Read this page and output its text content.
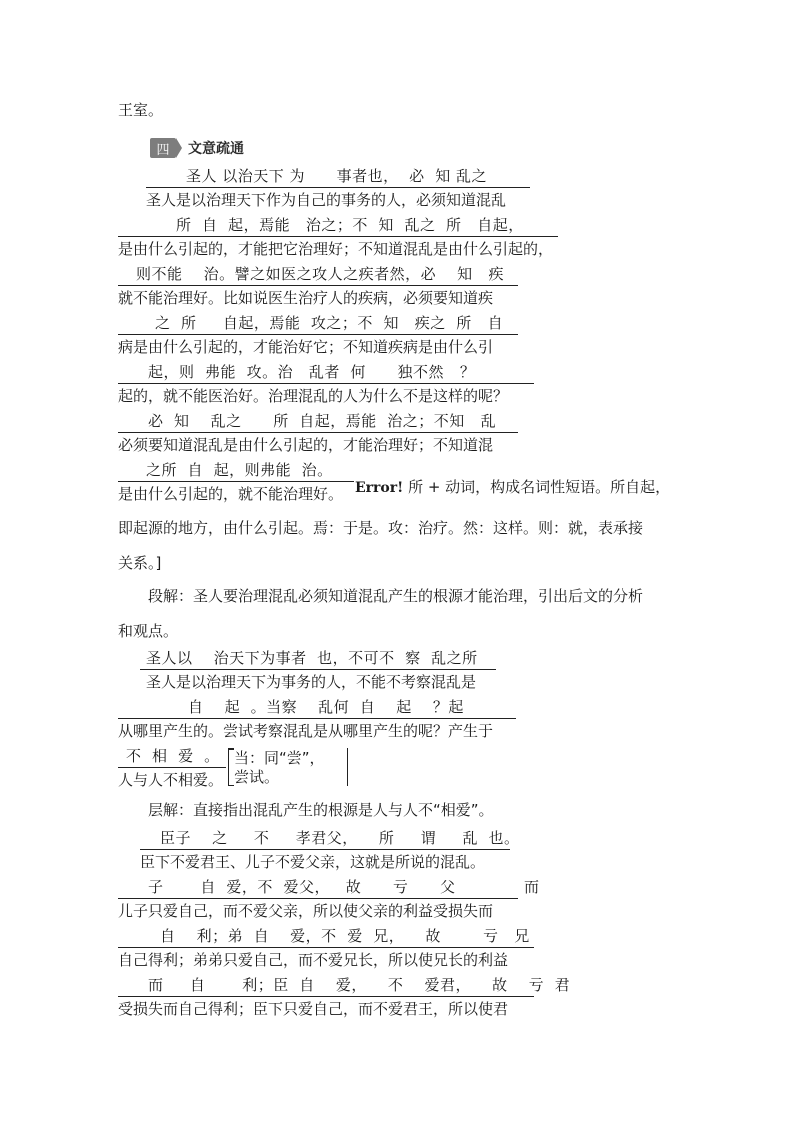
王室。
四	文意疏通
圣人 以治天下 为      事者也，  必  知 乱之
圣人是以治理天下作为自己的事务的人，必须知道混乱
所  自  起，焉能   治之；不  知  乱之  所   自起，
是由什么引起的，才能把它治理好；不知道混乱是由什么引起的，
则不能    治。譬之如医之攻人之疾者然，必    知   疾
就不能治理好。比如说医生治疗人的疾病，必须要知道疾
之  所     自起，焉能  攻之；不  知   疾之  所   自
病是由什么引起的，才能治好它；不知道疾病是由什么引
起，则  弗能  攻。治   乱者  何      独不然   ？
起的，就不能医治好。治理混乱的人为什么不是这样的呢？
必  知    乱之      所  自起，焉能  治之；不知   乱
必须要知道混乱是由什么引起的，才能治理好；不知道混
之所  自  起，则弗能  治。
是由什么引起的，就不能治理好。 Error! 所 + 动词，构成名词性短语。所自起，
即起源的地方，由什么引起。焉：于是。攻：治疗。然：这样。则：就，表承接
关系。]
段解：圣人要治理混乱必须知道混乱产生的根源才能治理，引出后文的分析
和观点。
圣人以    治天下为事者  也，不可不  察  乱之所
圣人是以治理天下为事务的人，不能不考察混乱是
自    起  。当察    乱何  自    起    ？起
从哪里产生的。尝试考察混乱是从哪里产生的呢？产生于
不  相  爱  。
人与人不相爱。
当：同“尝”，
尝试。
层解：直接指出混乱产生的根源是人与人不“相爱”。
臣子    之     不     孝君父，    所     谓     乱  也。
臣下不爱君王、儿子不爱父亲，这就是所说的混乱。
子       自  爱，不  爱父，   故      亏      父             而
儿子只爱自己，而不爱父亲，所以使父亲的利益受损失而
自    利；弟  自    爱，不  爱  兄，    故        亏   兄
自己得利；弟弟只爱自己，而不爱兄长，所以使兄长的利益
而     自       利；臣  自    爱，    不    爱君，    故    亏  君
受损失而自己得利；臣下只爱自己，而不爱君王，所以使君
